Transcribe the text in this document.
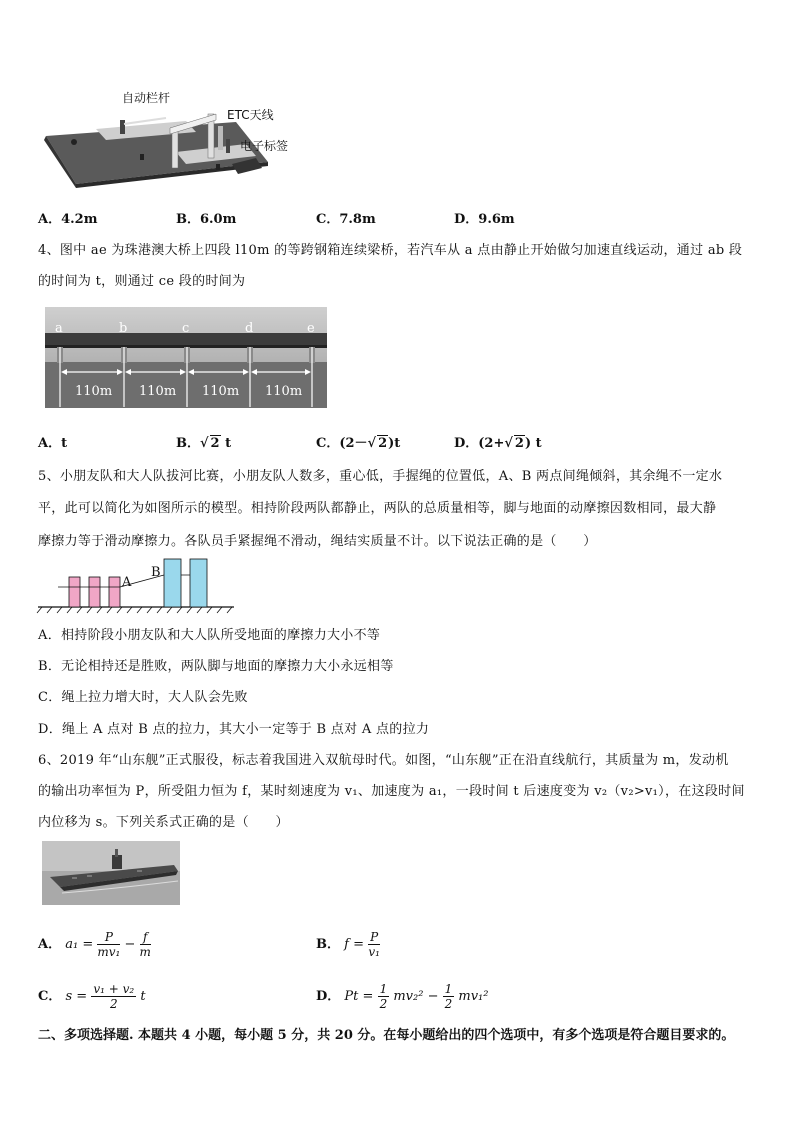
自动栏杆
ETC天线
电子标签
A．4.2m	B．6.0m	C．7.8m	D．9.6m
4、图中 ae 为珠港澳大桥上四段 l10m 的等跨钢箱连续梁桥，若汽车从 a 点由静止开始做匀加速直线运动，通过 ab 段
的时间为 t，则通过 ce 段的时间为
a	b	c	d	e
110m 110m 110m 110m
A．t	B．√ 2 t	C．(2－√ 2)t	D．(2+√ 2) t
5、小朋友队和大人队拔河比赛，小朋友队人数多，重心低，手握绳的位置低，A、B 两点间绳倾斜，其余绳不一定水
平，此可以简化为如图所示的模型。相持阶段两队都静止，两队的总质量相等，脚与地面的动摩擦因数相同，最大静
摩擦力等于滑动摩擦力。各队员手紧握绳不滑动，绳结实质量不计。以下说法正确的是（　　）
A
B
A．相持阶段小朋友队和大人队所受地面的摩擦力大小不等
B．无论相持还是胜败，两队脚与地面的摩擦力大小永远相等
C．绳上拉力增大时，大人队会先败
D．绳上 A 点对 B 点的拉力，其大小一定等于 B 点对 A 点的拉力
6、2019 年“山东舰”正式服役，标志着我国进入双航母时代。如图，“山东舰”正在沿直线航行，其质量为 m，发动机
的输出功率恒为 P，所受阻力恒为 f，某时刻速度为 v₁、加速度为 a₁，一段时间 t 后速度变为 v₂（v₂>v₁），在这段时间
内位移为 s。下列关系式正确的是（　　）
A． $a_1 = \frac{P}{\text{mv₁}} - \frac{f}{m}$	B． $f = \frac{P}{\text{v₁}}$
C． $s = \frac{\text{v₁ + v₂}}{2}$ t	D． $Pt = \frac{1}{2} mv_2^2 - \frac{1}{2} mv_1^2$
二、多项选择题. 本题共 4 小题，每小题 5 分，共 20 分。在每小题给出的四个选项中，有多个选项是符合题目要求的。
